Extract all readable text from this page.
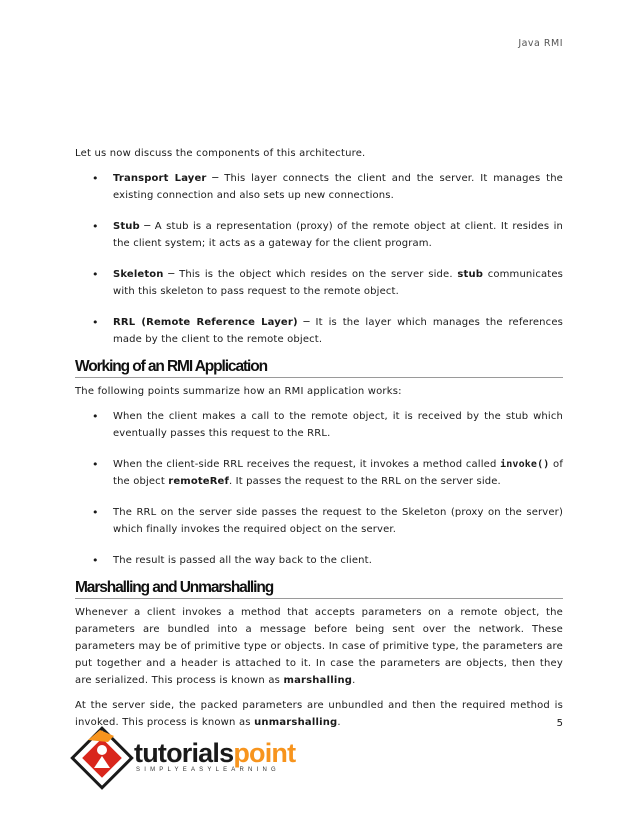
Java RMI

Let us now discuss the components of this architecture.

• Transport Layer ─ This layer connects the client and the server. It manages the existing connection and also sets up new connections.
• Stub ─ A stub is a representation (proxy) of the remote object at client. It resides in the client system; it acts as a gateway for the client program.
• Skeleton ─ This is the object which resides on the server side. stub communicates with this skeleton to pass request to the remote object.
• RRL (Remote Reference Layer) ─ It is the layer which manages the references made by the client to the remote object.
Working of an RMI Application

The following points summarize how an RMI application works:

• When the client makes a call to the remote object, it is received by the stub which eventually passes this request to the RRL.
• When the client-side RRL receives the request, it invokes a method called invoke() of the object remoteRef. It passes the request to the RRL on the server side.
• The RRL on the server side passes the request to the Skeleton (proxy on the server) which finally invokes the required object on the server.
• The result is passed all the way back to the client.
Marshalling and Unmarshalling

Whenever a client invokes a method that accepts parameters on a remote object, the parameters are bundled into a message before being sent over the network. These parameters may be of primitive type or objects. In case of primitive type, the parameters are put together and a header is attached to it. In case the parameters are objects, then they are serialized. This process is known as marshalling.

At the server side, the packed parameters are unbundled and then the required method is invoked. This process is known as unmarshalling.	5
tutorialspoint
SIMPLYEASYLEARNING
